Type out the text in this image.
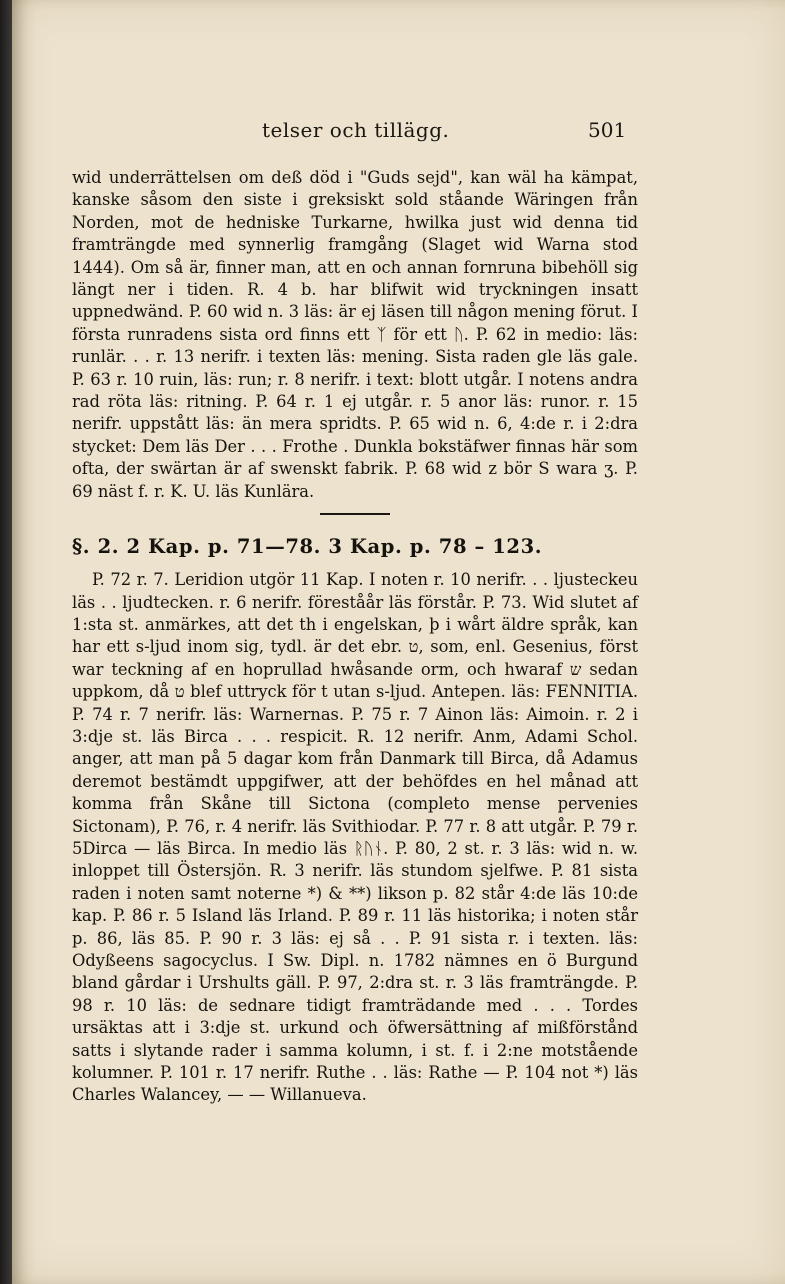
telser och tillägg.	501

wid underrättelsen om deß död i "Guds sejd", kan wäl ha kämpat, kanske såsom den siste i greksiskt sold ståande Wäringen från Norden, mot de hedniske Turkarne, hwilka just wid denna tid framträngde med synnerlig framgång (Slaget wid Warna stod 1444). Om så är, finner man, att en och annan fornruna bibehöll sig längt ner i tiden. R. 4 b. har blifwit wid tryckningen insatt uppnedwänd. P. 60 wid n. 3 läs: är ej läsen till någon mening förut. I första runradens sista ord finns ett ᛉ för ett ᚢ. P. 62 in medio: läs: runlär. . . r. 13 nerifr. i texten läs: mening. Sista raden gle läs gale. P. 63 r. 10 ruin, läs: run; r. 8 nerifr. i text: blott utgår. I notens andra rad röta läs: ritning. P. 64 r. 1 ej utgår. r. 5 anor läs: runor. r. 15 nerifr. uppstått läs: än mera spridts. P. 65 wid n. 6, 4:de r. i 2:dra stycket: Dem läs Der . . . Frothe . Dunkla bokstäfwer finnas här som ofta, der swärtan är af swenskt fabrik. P. 68 wid z bör S wara ʒ. P. 69 näst f. r. K. U. läs Kunlära.

§. 2. 2 Kap. p. 71—78. 3 Kap. p. 78 – 123.

P. 72 r. 7. Leridion utgör 11 Kap. I noten r. 10 nerifr. . . ljusteckeu läs . . ljudtecken. r. 6 nerifr. föreståår läs förstår. P. 73. Wid slutet af 1:sta st. anmärkes, att det th i engelskan, þ i wårt äldre språk, kan har ett s-ljud inom sig, tydl. är det ebr. ט, som, enl. Gesenius, först war teckning af en hoprullad hwåsande orm, och hwaraf ש sedan uppkom, då ט blef uttryck för t utan s-ljud. Antepen. läs: FENNITIA. P. 74 r. 7 nerifr. läs: Warnernas. P. 75 r. 7 Ainon läs: Aimoin. r. 2 i 3:dje st. läs Birca . . . respicit. R. 12 nerifr. Anm, Adami Schol. anger, att man på 5 dagar kom från Danmark till Birca, då Adamus deremot bestämdt uppgifwer, att der behöfdes en hel månad att komma från Skåne till Sictona (completo mense pervenies Sictonam), P. 76, r. 4 nerifr. läs Svithiodar. P. 77 r. 8 att utgår. P. 79 r. 5Dirca — läs Birca. In medio läs ᚱᚢᚾ. P. 80, 2 st. r. 3 läs: wid n. w. inloppet till Östersjön. R. 3 nerifr. läs stundom sjelfwe. P. 81 sista raden i noten samt noterne *) & **) likson p. 82 står 4:de läs 10:de kap. P. 86 r. 5 Island läs Irland. P. 89 r. 11 läs historika; i noten står p. 86, läs 85. P. 90 r. 3 läs: ej så . . P. 91 sista r. i texten. läs: Odyßeens sagocyclus. I Sw. Dipl. n. 1782 nämnes en ö Burgund bland gårdar i Urshults gäll. P. 97, 2:dra st. r. 3 läs framträngde. P. 98 r. 10 läs: de sednare tidigt framträdande med . . . Tordes ursäktas att i 3:dje st. urkund och öfwersättning af mißförstånd satts i slytande rader i samma kolumn, i st. f. i 2:ne motstående kolumner. P. 101 r. 17 nerifr. Ruthe . . läs: Rathe — P. 104 not *) läs Charles Walancey, — — Willanueva.
